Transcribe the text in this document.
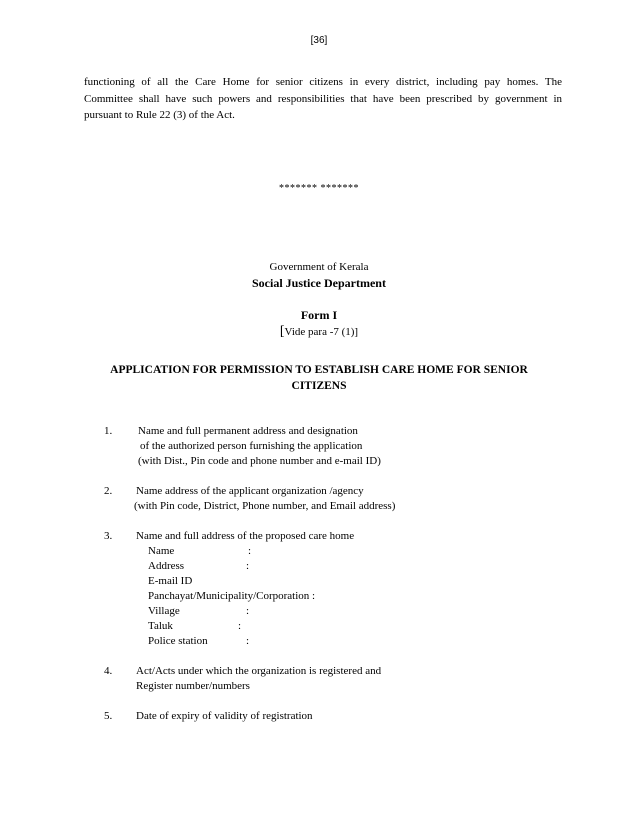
[36]
functioning of all the Care Home for senior citizens in every district, including pay homes. The
Committee shall have such powers and responsibilities that have been prescribed by government in
pursuant to Rule 22 (3) of the Act.
******* *******
Government of Kerala
Social Justice Department
Form I
[Vide para -7 (1)]
APPLICATION FOR PERMISSION TO ESTABLISH CARE HOME FOR SENIOR
CITIZENS
1. Name and full permanent address and designation
of the authorized person furnishing the application
(with Dist., Pin code and phone number and e-mail ID)
2. Name address of the applicant organization /agency
(with Pin code, District, Phone number, and Email address)
3. Name and full address of the proposed care home
Name	:
Address	:
E-mail ID
Panchayat/Municipality/Corporation :
Village	:
Taluk	:
Police station	:
4. Act/Acts under which the organization is registered and
Register number/numbers
5. Date of expiry of validity of registration
